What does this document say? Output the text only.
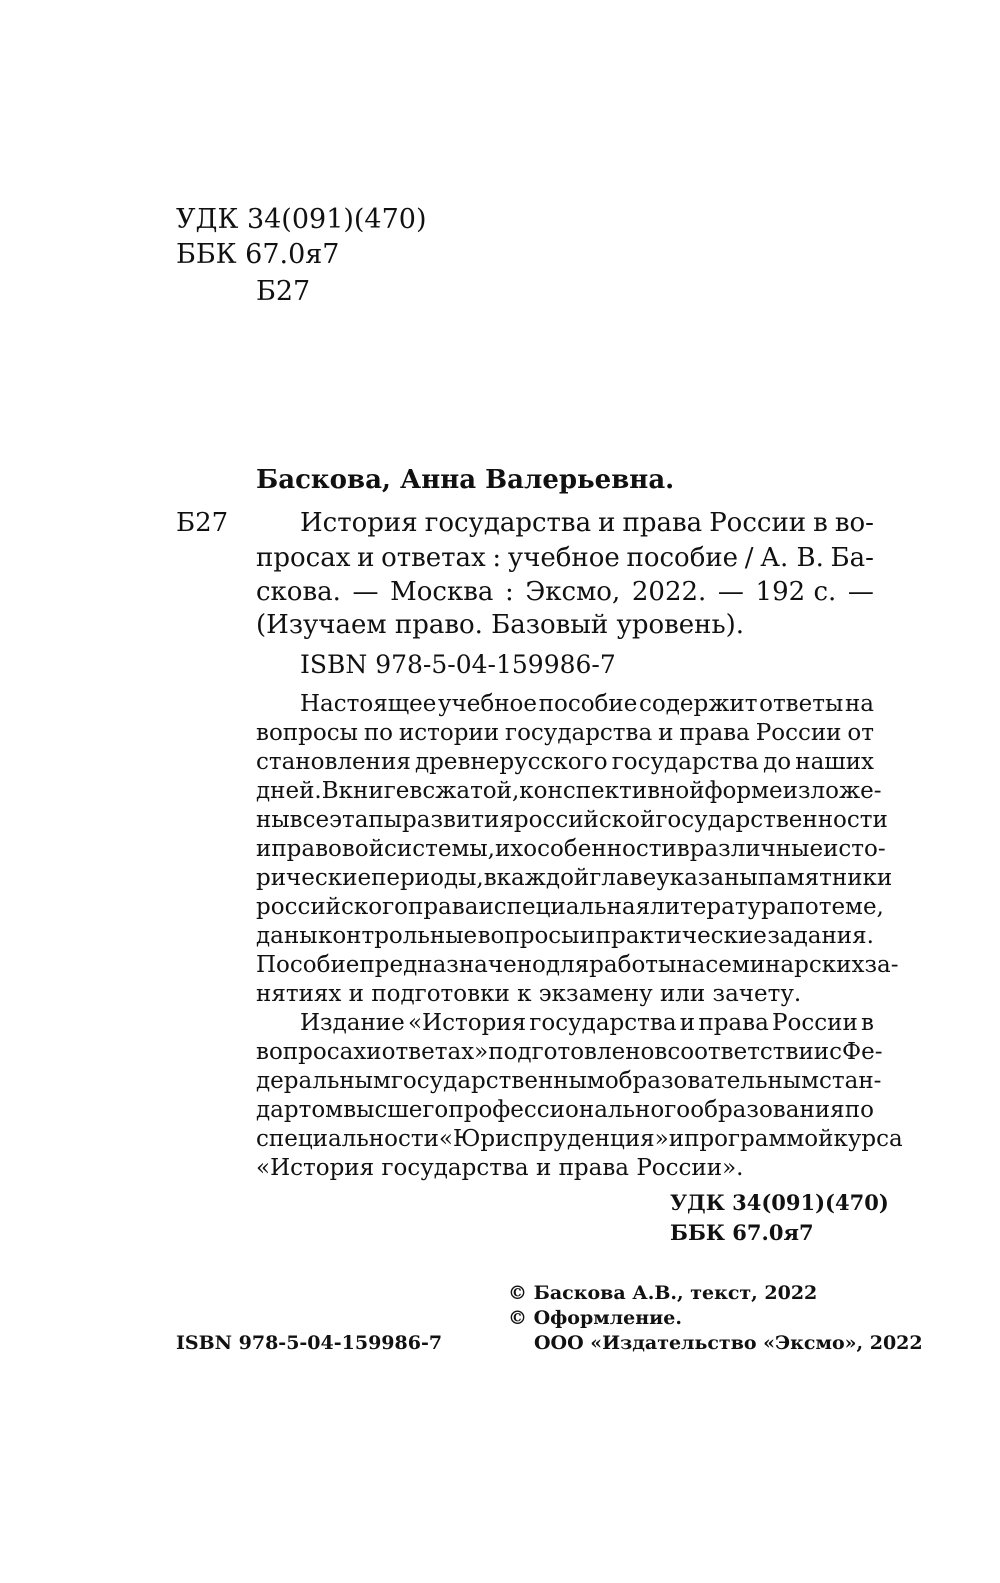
УДК 34(091)(470)
ББК 67.0я7
Б27
Баскова, Анна Валерьевна.
Б27	История государства и права России в во-
просах и ответах : учебное пособие / А. В. Ба-
скова. — Москва : Эксмо, 2022. — 192 с. —
(Изучаем право. Базовый уровень).
ISBN 978-5-04-159986-7
Настоящее учебное пособие содержит ответы на
вопросы по истории государства и права России от
становления древнерусского государства до наших
дней. В книге в сжатой, конспективной форме изложе-
ны все этапы развития российской государственности
и правовой системы, их особенности в различные исто-
рические периоды, в каждой главе указаны памятники
российского права и специальная литература по теме,
даны контрольные вопросы и практические задания.
Пособие предназначено для работы на семинарских за-
нятиях и подготовки к экзамену или зачету.
Издание «История государства и права России в
вопросах и ответах» подготовлено в соответствии с Фе-
деральным государственным образовательным стан-
дартом высшего профессионального образования по
специальности «Юриспруденция» и программой курса
«История государства и права России».
УДК 34(091)(470)
ББК 67.0я7
© Баскова А.В., текст, 2022
© Оформление.
ООО «Издательство «Эксмо», 2022
ISBN 978-5-04-159986-7
